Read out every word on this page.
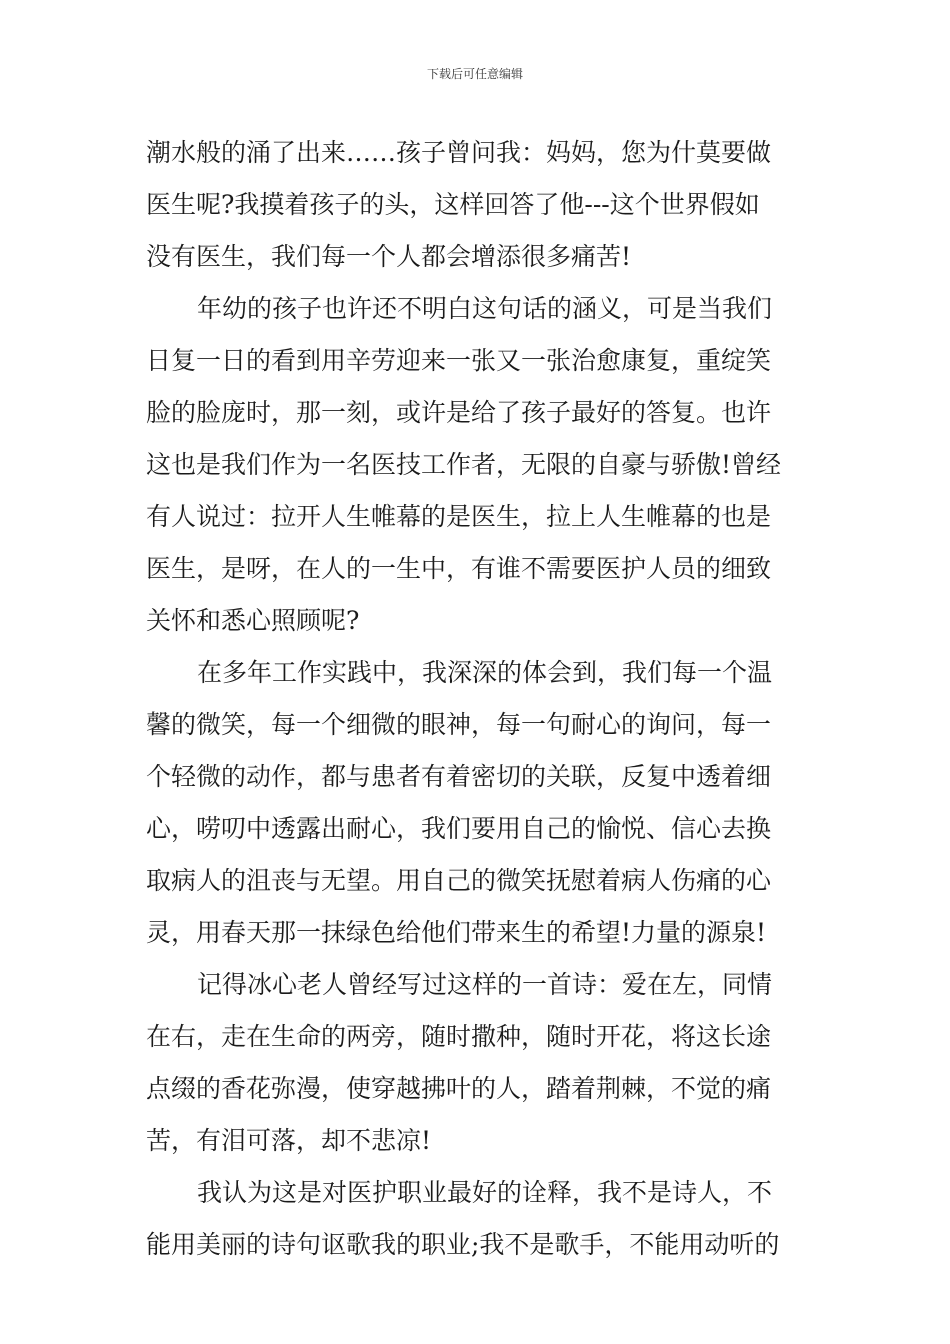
下载后可任意编辑
潮水般的涌了出来……孩子曾问我：妈妈，您为什莫要做
医生呢?我摸着孩子的头，这样回答了他---这个世界假如
没有医生，我们每一个人都会增添很多痛苦!
年幼的孩子也许还不明白这句话的涵义，可是当我们
日复一日的看到用辛劳迎来一张又一张治愈康复，重绽笑
脸的脸庞时，那一刻，或许是给了孩子最好的答复。也许
这也是我们作为一名医技工作者，无限的自豪与骄傲!曾经
有人说过：拉开人生帷幕的是医生，拉上人生帷幕的也是
医生，是呀，在人的一生中，有谁不需要医护人员的细致
关怀和悉心照顾呢?
在多年工作实践中，我深深的体会到，我们每一个温
馨的微笑，每一个细微的眼神，每一句耐心的询问，每一
个轻微的动作，都与患者有着密切的关联，反复中透着细
心，唠叨中透露出耐心，我们要用自己的愉悦、信心去换
取病人的沮丧与无望。用自己的微笑抚慰着病人伤痛的心
灵，用春天那一抹绿色给他们带来生的希望!力量的源泉!
记得冰心老人曾经写过这样的一首诗：爱在左，同情
在右，走在生命的两旁，随时撒种，随时开花，将这长途
点缀的香花弥漫，使穿越拂叶的人，踏着荆棘，不觉的痛
苦，有泪可落，却不悲凉!
我认为这是对医护职业最好的诠释，我不是诗人，不
能用美丽的诗句讴歌我的职业;我不是歌手，不能用动听的
